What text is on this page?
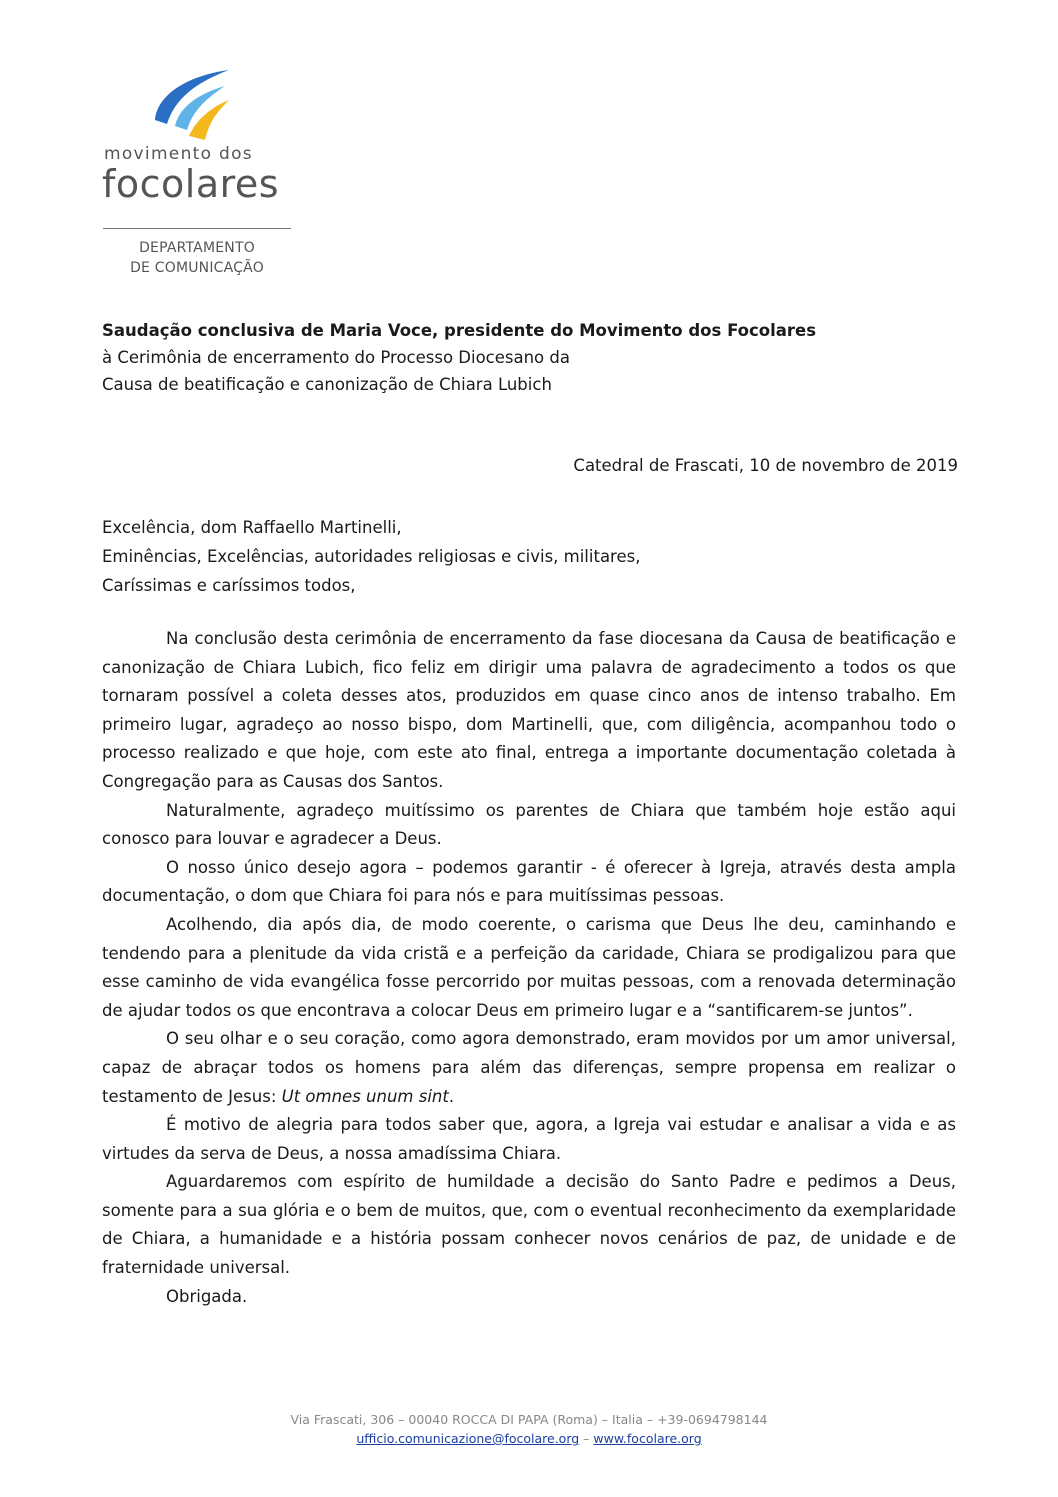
movimento dos
focolares
DEPARTAMENTO
DE COMUNICAÇÃO
Saudação conclusiva de Maria Voce, presidente do Movimento dos Focolares
à Cerimônia de encerramento do Processo Diocesano da
Causa de beatificação e canonização de Chiara Lubich
Catedral de Frascati, 10 de novembro de 2019
Excelência, dom Raffaello Martinelli,
Eminências, Excelências, autoridades religiosas e civis, militares,
Caríssimas e caríssimos todos,

Na conclusão desta cerimônia de encerramento da fase diocesana da Causa de beatificação e canonização de Chiara Lubich, fico feliz em dirigir uma palavra de agradecimento a todos os que tornaram possível a coleta desses atos, produzidos em quase cinco anos de intenso trabalho. Em primeiro lugar, agradeço ao nosso bispo, dom Martinelli, que, com diligência, acompanhou todo o processo realizado e que hoje, com este ato final, entrega a importante documentação coletada à Congregação para as Causas dos Santos.

Naturalmente, agradeço muitíssimo os parentes de Chiara que também hoje estão aqui conosco para louvar e agradecer a Deus.

O nosso único desejo agora – podemos garantir - é oferecer à Igreja, através desta ampla documentação, o dom que Chiara foi para nós e para muitíssimas pessoas.

Acolhendo, dia após dia, de modo coerente, o carisma que Deus lhe deu, caminhando e tendendo para a plenitude da vida cristã e a perfeição da caridade, Chiara se prodigalizou para que esse caminho de vida evangélica fosse percorrido por muitas pessoas, com a renovada determinação de ajudar todos os que encontrava a colocar Deus em primeiro lugar e a “santificarem-se juntos”.

O seu olhar e o seu coração, como agora demonstrado, eram movidos por um amor universal, capaz de abraçar todos os homens para além das diferenças, sempre propensa em realizar o testamento de Jesus: Ut omnes unum sint.

É motivo de alegria para todos saber que, agora, a Igreja vai estudar e analisar a vida e as virtudes da serva de Deus, a nossa amadíssima Chiara.

Aguardaremos com espírito de humildade a decisão do Santo Padre e pedimos a Deus, somente para a sua glória e o bem de muitos, que, com o eventual reconhecimento da exemplaridade de Chiara, a humanidade e a história possam conhecer novos cenários de paz, de unidade e de fraternidade universal.

Obrigada.

Via Frascati, 306 – 00040 ROCCA DI PAPA (Roma) – Italia – +39-0694798144
ufficio.comunicazione@focolare.org – www.focolare.org
